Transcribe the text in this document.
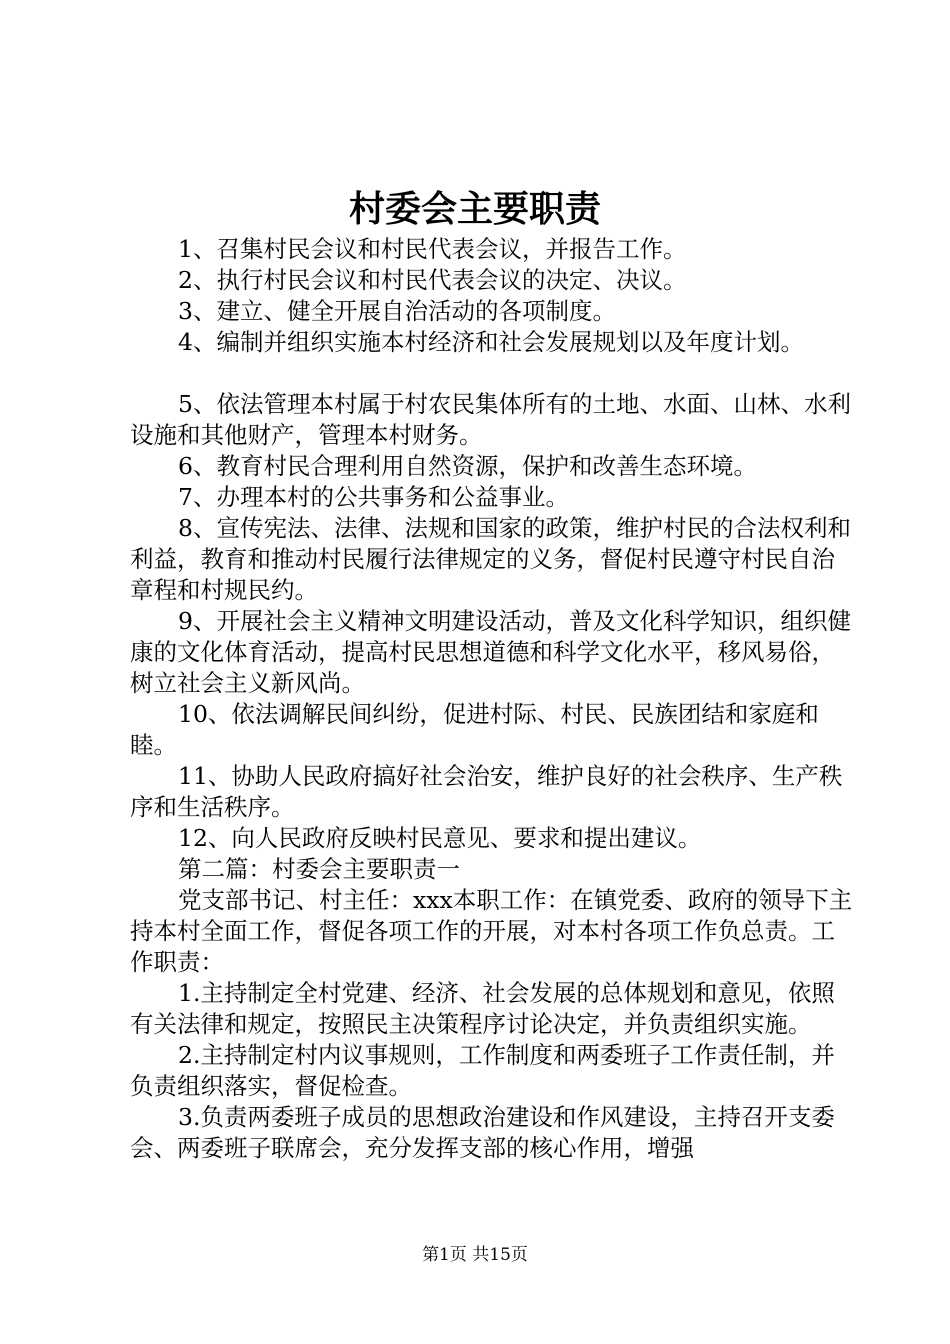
村委会主要职责

1、召集村民会议和村民代表会议，并报告工作。

2、执行村民会议和村民代表会议的决定、决议。

3、建立、健全开展自治活动的各项制度。

4、编制并组织实施本村经济和社会发展规划以及年度计划。

5、依法管理本村属于村农民集体所有的土地、水面、山林、水利设施和其他财产，管理本村财务。

6、教育村民合理利用自然资源，保护和改善生态环境。

7、办理本村的公共事务和公益事业。

8、宣传宪法、法律、法规和国家的政策，维护村民的合法权利和利益，教育和推动村民履行法律规定的义务，督促村民遵守村民自治章程和村规民约。

9、开展社会主义精神文明建设活动，普及文化科学知识，组织健康的文化体育活动，提高村民思想道德和科学文化水平，移风易俗，树立社会主义新风尚。

10、依法调解民间纠纷，促进村际、村民、民族团结和家庭和睦。

11、协助人民政府搞好社会治安，维护良好的社会秩序、生产秩序和生活秩序。

12、向人民政府反映村民意见、要求和提出建议。

第二篇：村委会主要职责一

党支部书记、村主任：xxx本职工作：在镇党委、政府的领导下主持本村全面工作，督促各项工作的开展，对本村各项工作负总责。工作职责：

1.主持制定全村党建、经济、社会发展的总体规划和意见，依照有关法律和规定，按照民主决策程序讨论决定，并负责组织实施。

2.主持制定村内议事规则，工作制度和两委班子工作责任制，并负责组织落实，督促检查。

3.负责两委班子成员的思想政治建设和作风建设，主持召开支委会、两委班子联席会，充分发挥支部的核心作用，增强

第1页 共15页
